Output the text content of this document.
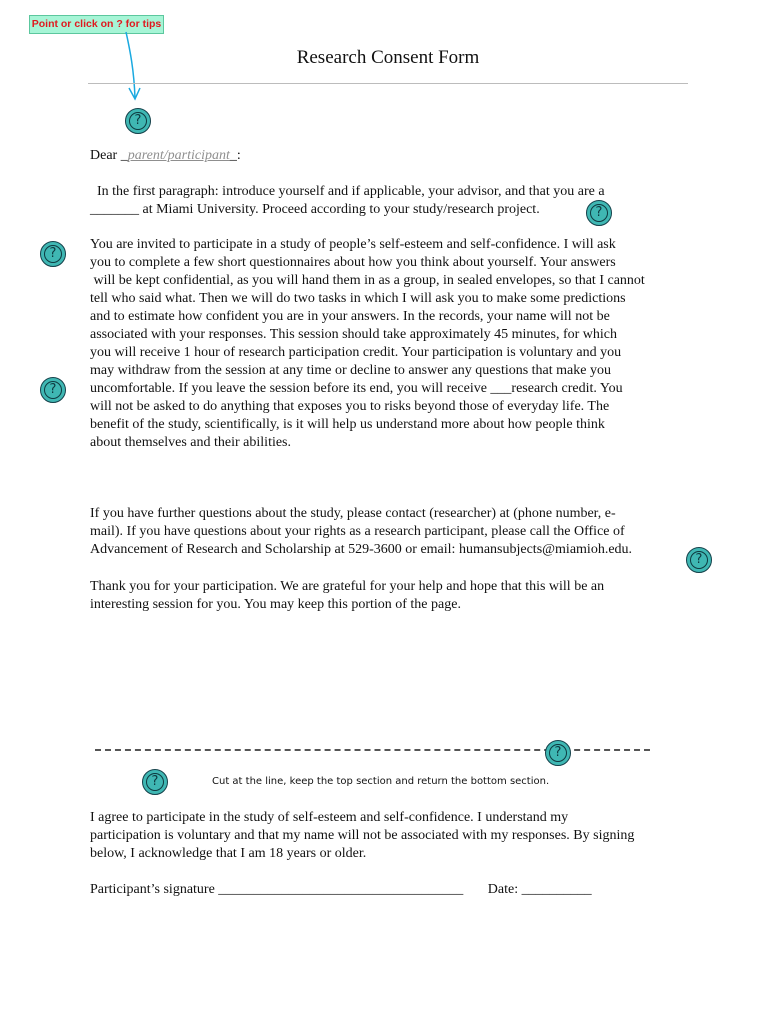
Point or click on ? for tips
Research Consent Form
?
Dear _parent/participant_:

In the first paragraph: introduce yourself and if applicable, your advisor, and that you are a
_______ at Miami University. Proceed according to your study/research project.	?
?

You are invited to participate in a study of people’s self-esteem and self-confidence. I will ask
you to complete a few short questionnaires about how you think about yourself. Your answers
will be kept confidential, as you will hand them in as a group, in sealed envelopes, so that I cannot
tell who said what. Then we will do two tasks in which I will ask you to make some predictions
and to estimate how confident you are in your answers. In the records, your name will not be
associated with your responses. This session should take approximately 45 minutes, for which
you will receive 1 hour of research participation credit. Your participation is voluntary and you
may withdraw from the session at any time or decline to answer any questions that make you
uncomfortable. If you leave the session before its end, you will receive ___research credit. You
will not be asked to do anything that exposes you to risks beyond those of everyday life. The
benefit of the study, scientifically, is it will help us understand more about how people think
about themselves and their abilities.

?

If you have further questions about the study, please contact (researcher) at (phone number, e-
mail). If you have questions about your rights as a research participant, please call the Office of
Advancement of Research and Scholarship at 529-3600 or email: humansubjects@miamioh.edu.

?

Thank you for your participation. We are grateful for your help and hope that this will be an
interesting session for you. You may keep this portion of the page.

?
?	Cut at the line, keep the top section and return the bottom section.

I agree to participate in the study of self-esteem and self-confidence. I understand my
participation is voluntary and that my name will not be associated with my responses. By signing
below, I acknowledge that I am 18 years or older.

Participant’s signature ___________________________________       Date: __________
